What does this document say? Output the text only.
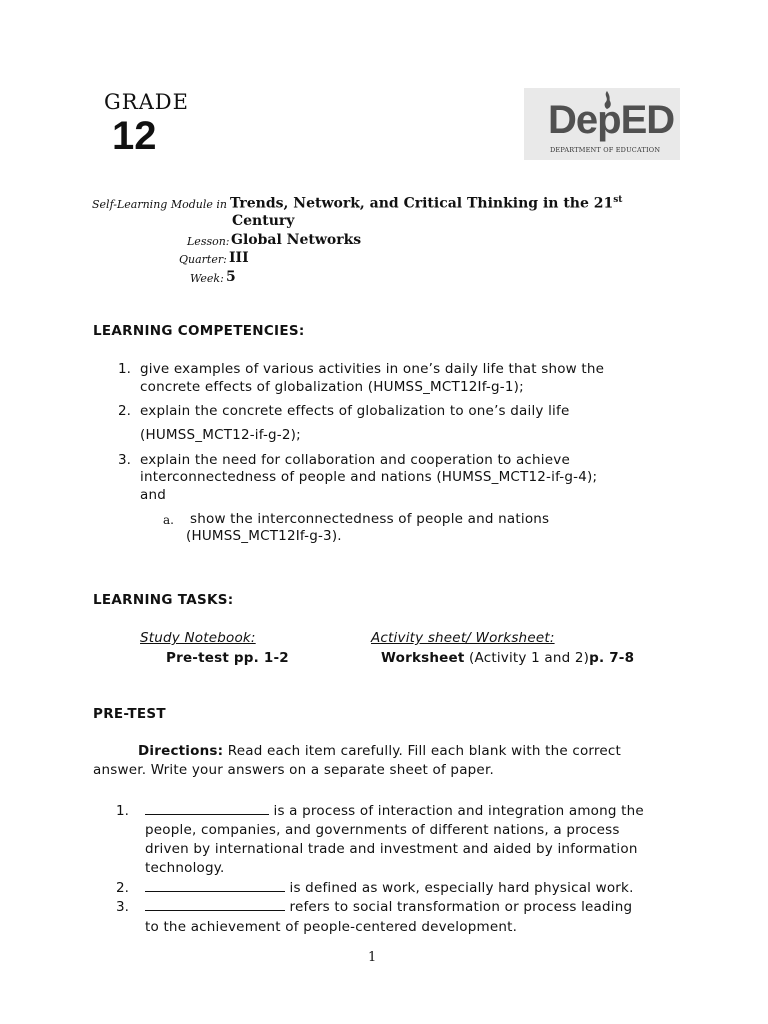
GRADE
12	DepED
DEPARTMENT OF EDUCATION
Self-Learning Module in Trends, Network, and Critical Thinking in the 21st
Century
Lesson: Global Networks
Quarter: III
Week: 5
LEARNING COMPETENCIES:
1. give examples of various activities in one’s daily life that show the
concrete effects of globalization (HUMSS_MCT12If-g-1);
2. explain the concrete effects of globalization to one’s daily life
(HUMSS_MCT12-if-g-2);
3. explain the need for collaboration and cooperation to achieve
interconnectedness of people and nations (HUMSS_MCT12-if-g-4);
and
a. show the interconnectedness of people and nations
(HUMSS_MCT12If-g-3).
LEARNING TASKS:
Study Notebook:
Pre-test pp. 1-2
Activity sheet/ Worksheet:
Worksheet (Activity 1 and 2)p. 7-8
PRE-TEST
Directions: Read each item carefully. Fill each blank with the correct
answer. Write your answers on a separate sheet of paper.
1.	is a process of interaction and integration among the
people, companies, and governments of different nations, a process
driven by international trade and investment and aided by information
technology.
2.	is defined as work, especially hard physical work.
3.	refers to social transformation or process leading
to the achievement of people-centered development.
1
